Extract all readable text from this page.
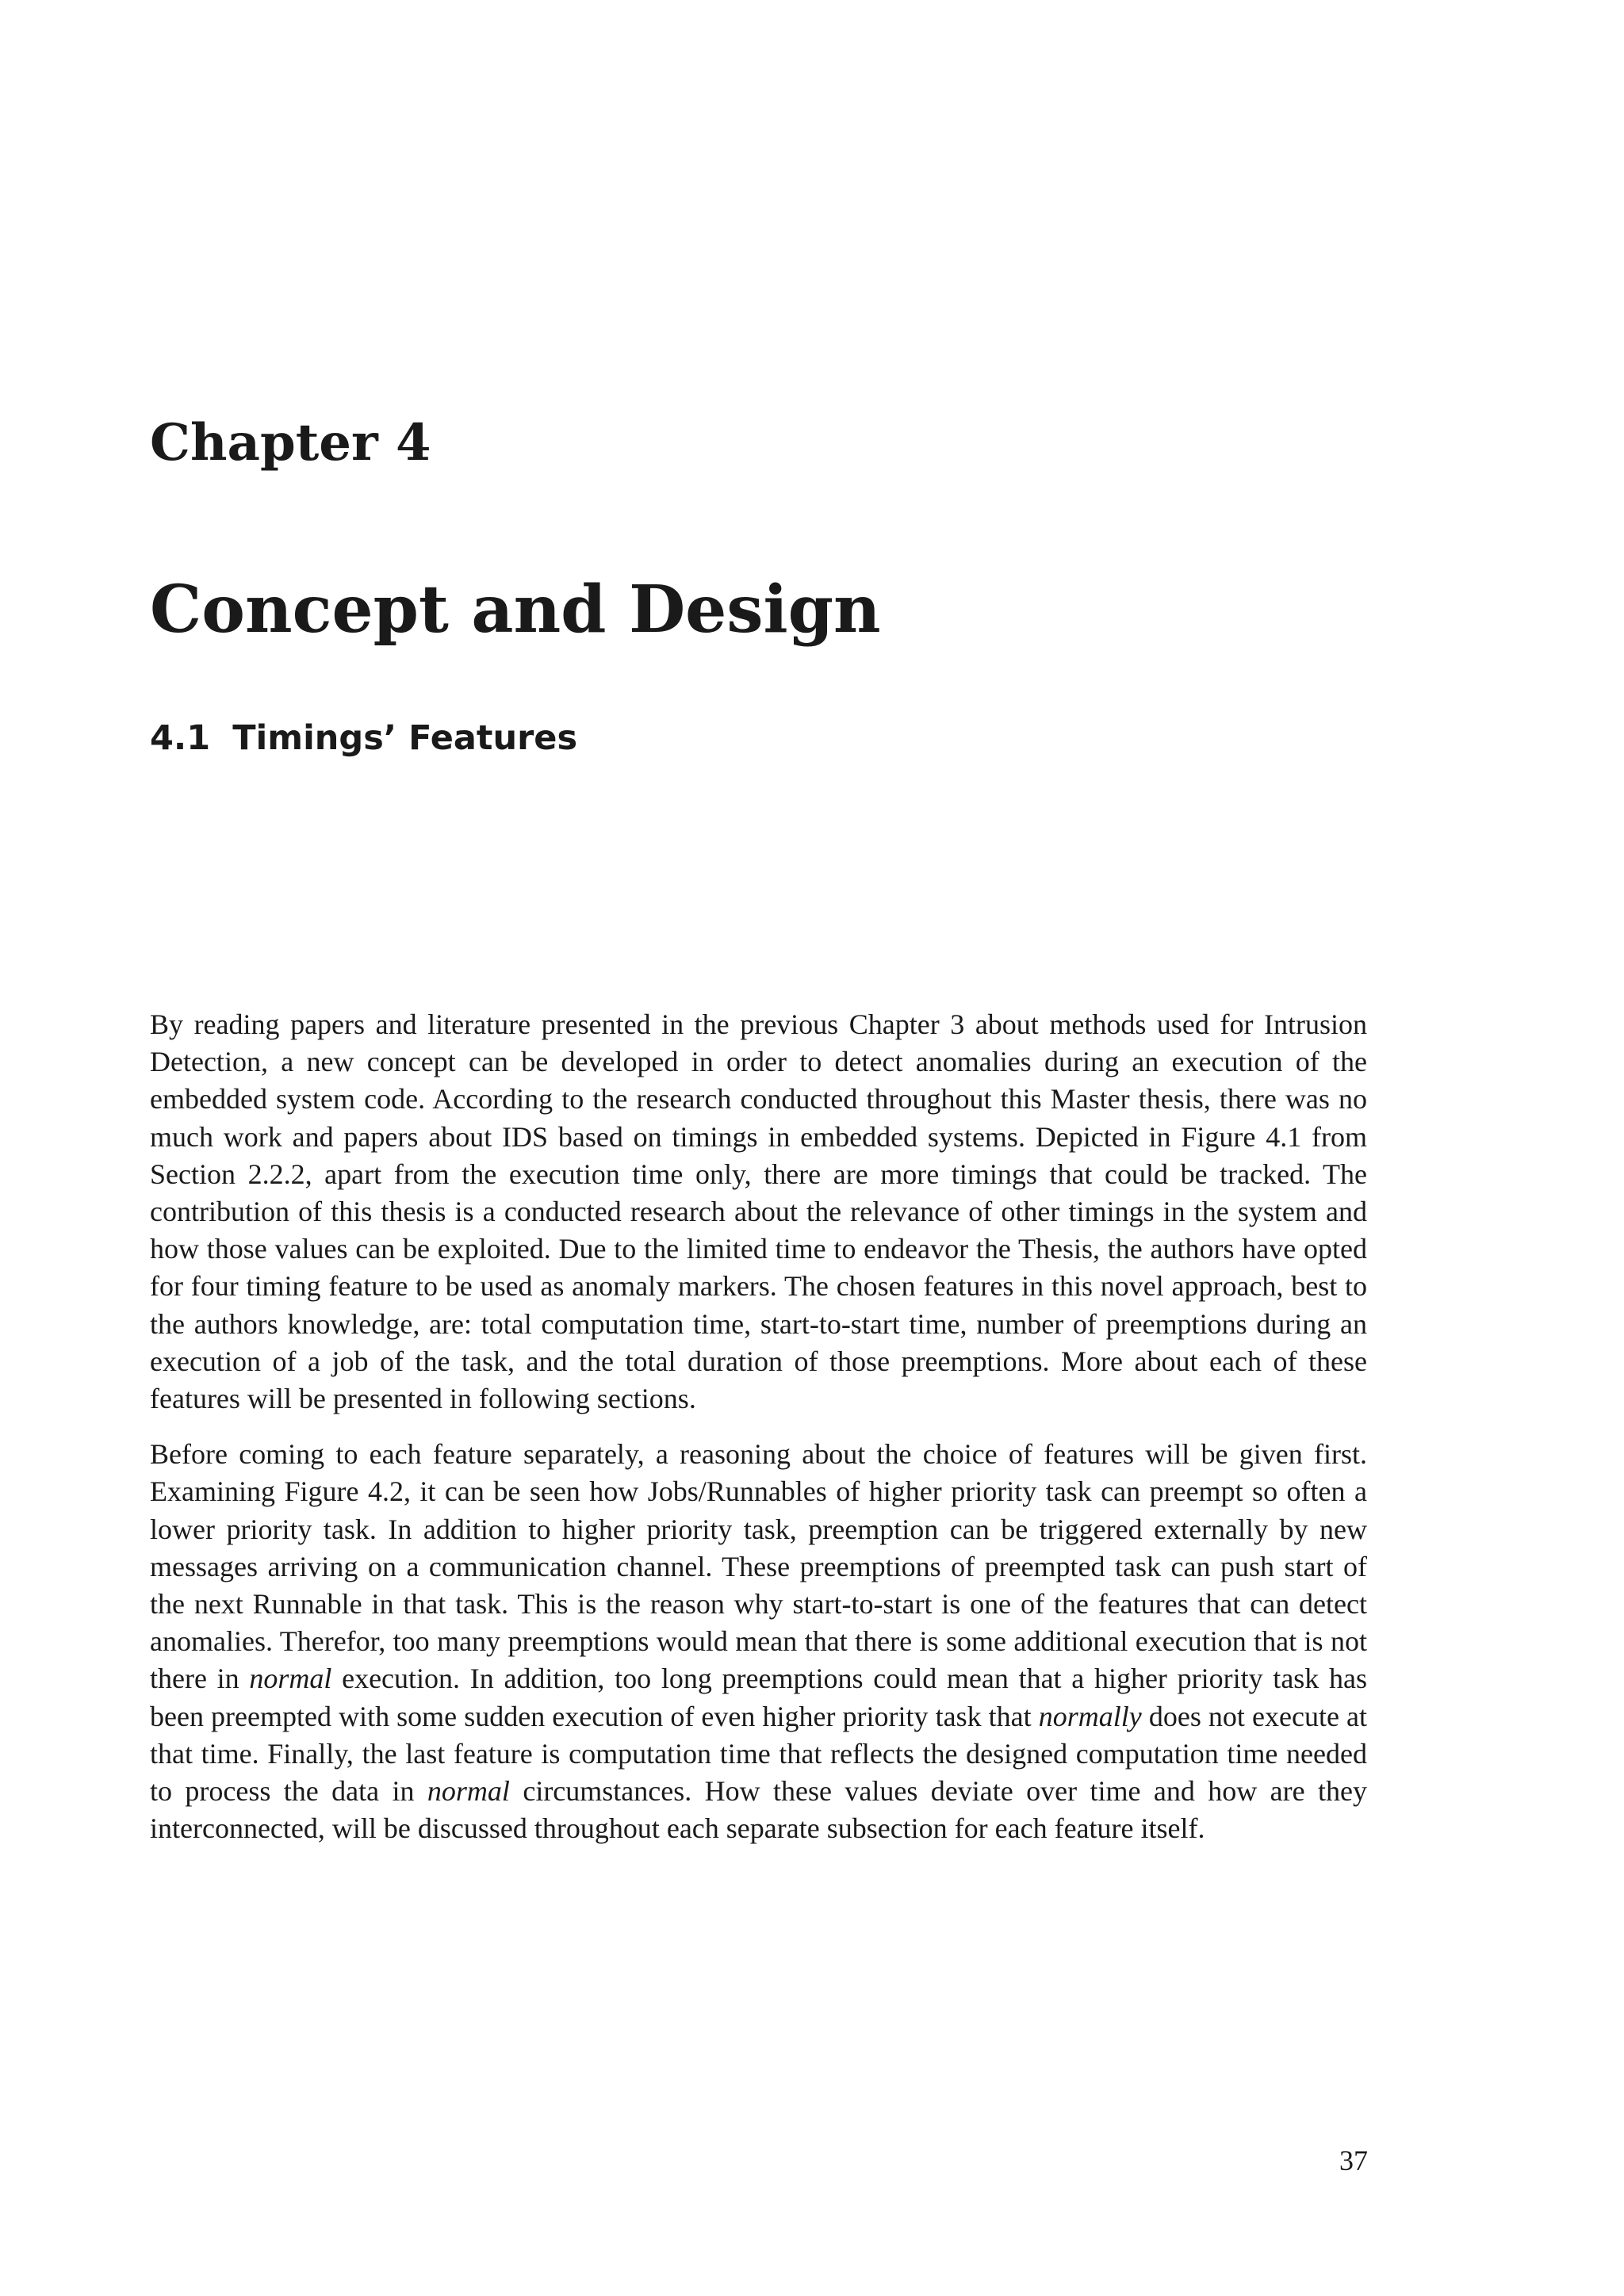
Chapter 4
Concept and Design
4.1 Timings’ Features

By reading papers and literature presented in the previous Chapter 3 about methods used for Intrusion Detection, a new concept can be developed in order to detect anomalies during an execution of the embedded system code. According to the research conducted throughout this Master thesis, there was no much work and papers about IDS based on timings in embedded systems. Depicted in Figure 4.1 from Section 2.2.2, apart from the execution time only, there are more timings that could be tracked. The contribution of this thesis is a conducted research about the relevance of other timings in the system and how those values can be exploited. Due to the limited time to endeavor the Thesis, the authors have opted for four timing feature to be used as anomaly markers. The chosen features in this novel approach, best to the authors knowledge, are: total computation time, start-to-start time, number of preemptions during an execution of a job of the task, and the total duration of those preemptions. More about each of these features will be presented in following sections.

Before coming to each feature separately, a reasoning about the choice of features will be given first. Examining Figure 4.2, it can be seen how Jobs/Runnables of higher priority task can preempt so often a lower priority task. In addition to higher priority task, preemption can be triggered externally by new messages arriving on a communication channel. These preemptions of preempted task can push start of the next Runnable in that task. This is the reason why start-to-start is one of the features that can detect anomalies. Therefor, too many preemptions would mean that there is some additional execution that is not there in normal execution. In addition, too long preemptions could mean that a higher priority task has been preempted with some sudden execution of even higher priority task that normally does not execute at that time. Finally, the last feature is computation time that reflects the designed computation time needed to process the data in normal circumstances. How these values deviate over time and how are they interconnected, will be discussed throughout each separate subsection for each feature itself.

37
